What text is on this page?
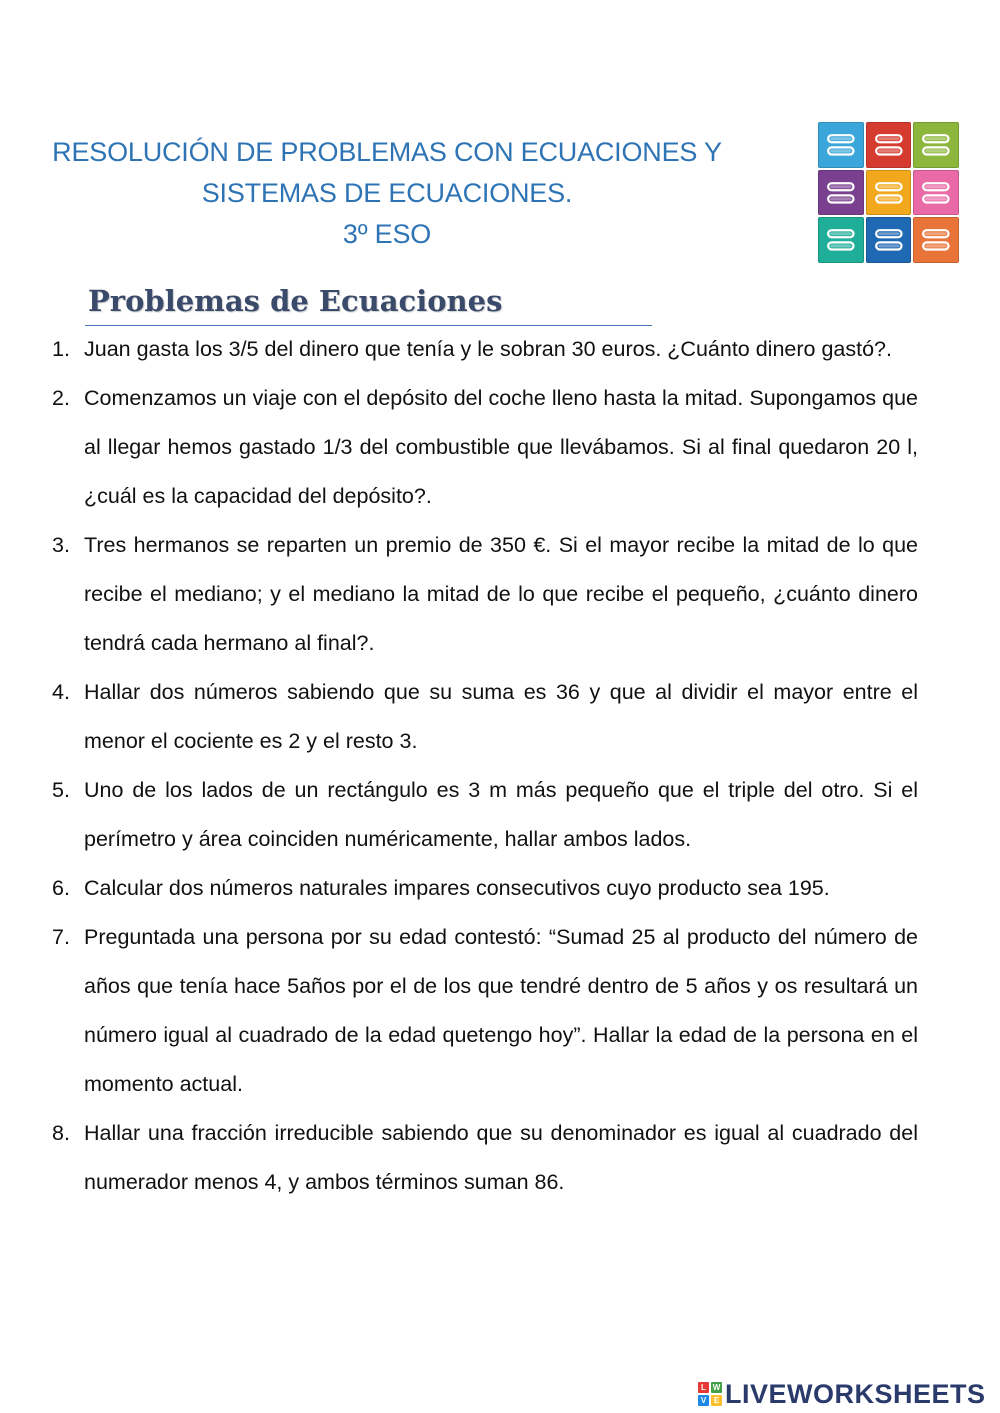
RESOLUCIÓN DE PROBLEMAS CON ECUACIONES Y
SISTEMAS DE ECUACIONES.
3º ESO
Problemas de Ecuaciones
1. Juan gasta los 3/5 del dinero que tenía y le sobran 30 euros. ¿Cuánto dinero gastó?.
2. Comenzamos un viaje con el depósito del coche lleno hasta la mitad. Supongamos que al llegar hemos gastado 1/3 del combustible que llevábamos. Si al final quedaron 20 l, ¿cuál es la capacidad del depósito?.
3. Tres hermanos se reparten un premio de 350 €. Si el mayor recibe la mitad de lo que recibe el mediano; y el mediano la mitad de lo que recibe el pequeño, ¿cuánto dinero tendrá cada hermano al final?.
4. Hallar dos números sabiendo que su suma es 36 y que al dividir el mayor entre el menor el cociente es 2 y el resto 3.
5. Uno de los lados de un rectángulo es 3 m más pequeño que el triple del otro. Si el perímetro y área coinciden numéricamente, hallar ambos lados.
6. Calcular dos números naturales impares consecutivos cuyo producto sea 195.
7. Preguntada una persona por su edad contestó: “Sumad 25 al producto del número de años que tenía hace 5años por el de los que tendré dentro de 5 años y os resultará un número igual al cuadrado de la edad quetengo hoy”. Hallar la edad de la persona en el momento actual.
8. Hallar una fracción irreducible sabiendo que su denominador es igual al cuadrado del numerador menos 4, y ambos términos suman 86.
L W
V E LIVEWORKSHEETS
